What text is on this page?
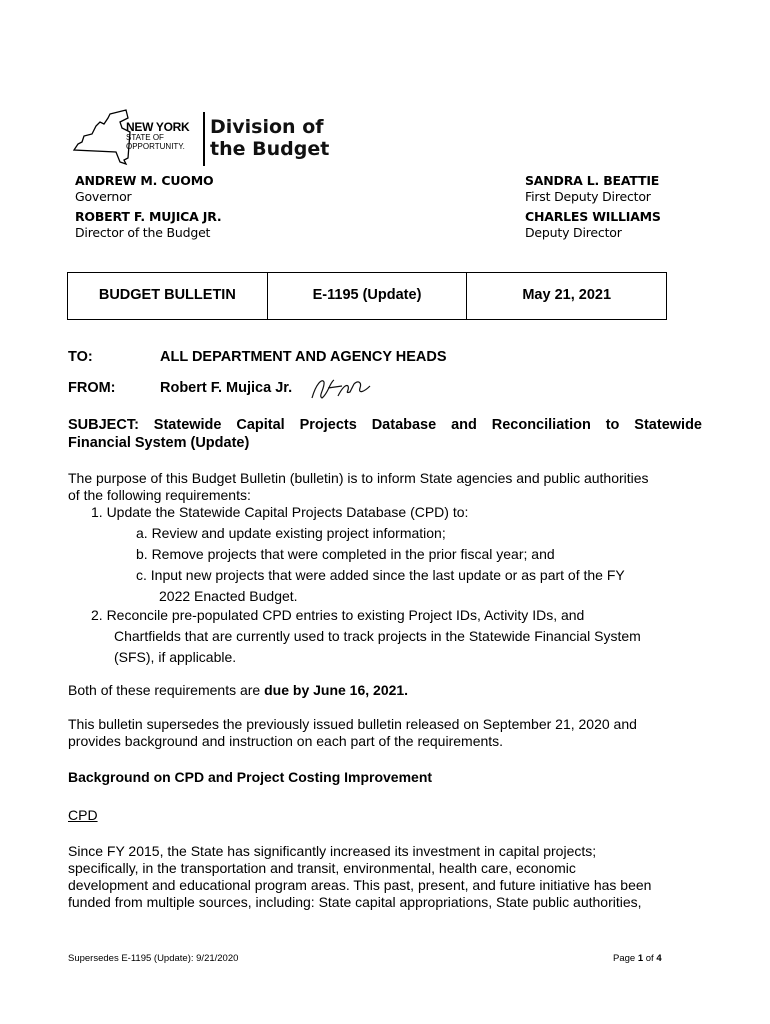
NEW YORK
STATE OF
OPPORTUNITY.
Division of
the Budget
ANDREW M. CUOMO
Governor
ROBERT F. MUJICA JR.
Director of the Budget
SANDRA L. BEATTIE
First Deputy Director
CHARLES WILLIAMS
Deputy Director
BUDGET BULLETIN	E-1195 (Update)	May 21, 2021
TO:	ALL DEPARTMENT AND AGENCY HEADS
FROM:	Robert F. Mujica Jr.
SUBJECT: Statewide Capital Projects Database and Reconciliation to Statewide
Financial System (Update)
The purpose of this Budget Bulletin (bulletin) is to inform State agencies and public authorities
of the following requirements:
1. Update the Statewide Capital Projects Database (CPD) to:
a. Review and update existing project information;
b. Remove projects that were completed in the prior fiscal year; and
c. Input new projects that were added since the last update or as part of the FY
2022 Enacted Budget.
2. Reconcile pre-populated CPD entries to existing Project IDs, Activity IDs, and
Chartfields that are currently used to track projects in the Statewide Financial System
(SFS), if applicable.
Both of these requirements are due by June 16, 2021.
This bulletin supersedes the previously issued bulletin released on September 21, 2020 and
provides background and instruction on each part of the requirements.
Background on CPD and Project Costing Improvement
CPD
Since FY 2015, the State has significantly increased its investment in capital projects;
specifically, in the transportation and transit, environmental, health care, economic
development and educational program areas. This past, present, and future initiative has been
funded from multiple sources, including: State capital appropriations, State public authorities,
Supersedes E-1195 (Update): 9/21/2020	Page 1 of 4
